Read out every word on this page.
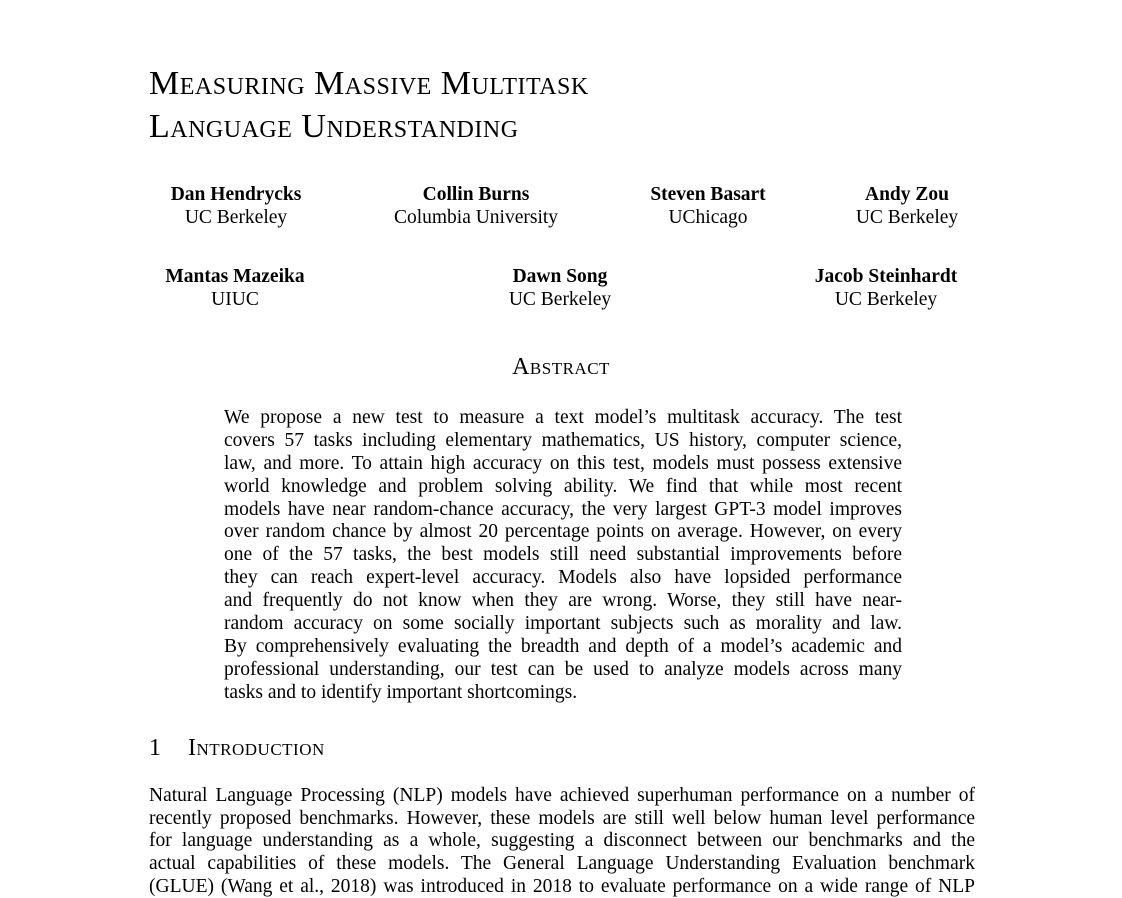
Measuring Massive Multitask
Language Understanding
Dan Hendrycks
UC Berkeley
Collin Burns
Columbia University
Steven Basart
UChicago
Andy Zou
UC Berkeley
Mantas Mazeika
UIUC
Dawn Song
UC Berkeley
Jacob Steinhardt
UC Berkeley
Abstract
We propose a new test to measure a text model’s multitask accuracy. The test
covers 57 tasks including elementary mathematics, US history, computer science,
law, and more. To attain high accuracy on this test, models must possess extensive
world knowledge and problem solving ability. We find that while most recent
models have near random-chance accuracy, the very largest GPT-3 model improves
over random chance by almost 20 percentage points on average. However, on every
one of the 57 tasks, the best models still need substantial improvements before
they can reach expert-level accuracy. Models also have lopsided performance
and frequently do not know when they are wrong. Worse, they still have near-
random accuracy on some socially important subjects such as morality and law.
By comprehensively evaluating the breadth and depth of a model’s academic and
professional understanding, our test can be used to analyze models across many
tasks and to identify important shortcomings.
1 Introduction
Natural Language Processing (NLP) models have achieved superhuman performance on a number of
recently proposed benchmarks. However, these models are still well below human level performance
for language understanding as a whole, suggesting a disconnect between our benchmarks and the
actual capabilities of these models. The General Language Understanding Evaluation benchmark
(GLUE) (Wang et al., 2018) was introduced in 2018 to evaluate performance on a wide range of NLP
